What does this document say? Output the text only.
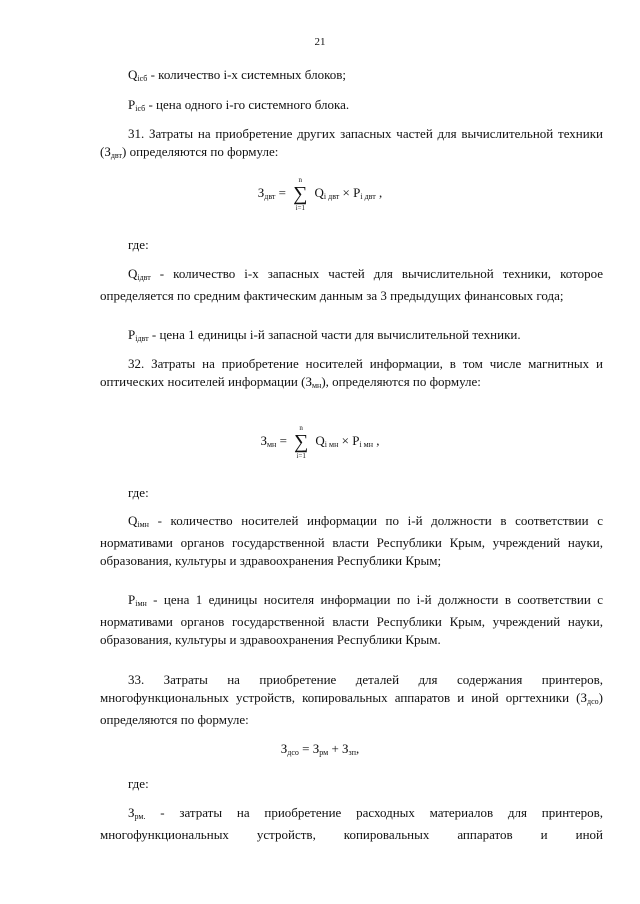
21
$Q_{iсб}$ - количество i-х системных блоков;
$P_{iсб}$ - цена одного i-го системного блока.
31. Затраты на приобретение других запасных частей для вычислительной техники $(З_{двт})$ определяются по формуле:
$З_{двт}$ =
n
∑
i=1
$Q_{i двт} \times P_{i двт}$ ,
где:
$Q_{iдвт}$ - количество i-х запасных частей для вычислительной техники, которое определяется по средним фактическим данным за 3 предыдущих финансовых года;
$P_{iдвт}$ - цена 1 единицы i-й запасной части для вычислительной техники.
32. Затраты на приобретение носителей информации, в том числе магнитных и оптических носителей информации $(З_{мн})$, определяются по формуле:
$З_{мн}$ =
n
∑
i=1
$Q_{i мн} \times P_{i мн}$ ,
где:
$Q_{iмн}$ - количество носителей информации по i-й должности в соответствии с нормативами органов государственной власти Республики Крым, учреждений науки, образования, культуры и здравоохранения Республики Крым;
$P_{iмн}$ - цена 1 единицы носителя информации по i-й должности в соответствии с нормативами органов государственной власти Республики Крым, учреждений науки, образования, культуры и здравоохранения Республики Крым.
33. Затраты на приобретение деталей для содержания принтеров, многофункциональных устройств, копировальных аппаратов и иной оргтехники $(З_{дсо})$ определяются по формуле:
$З_{дсо} = З_{рм} + З_{зп}$,
где:
$З_{рм.}$ - затраты на приобретение расходных материалов для принтеров, многофункциональных устройств, копировальных аппаратов и иной
